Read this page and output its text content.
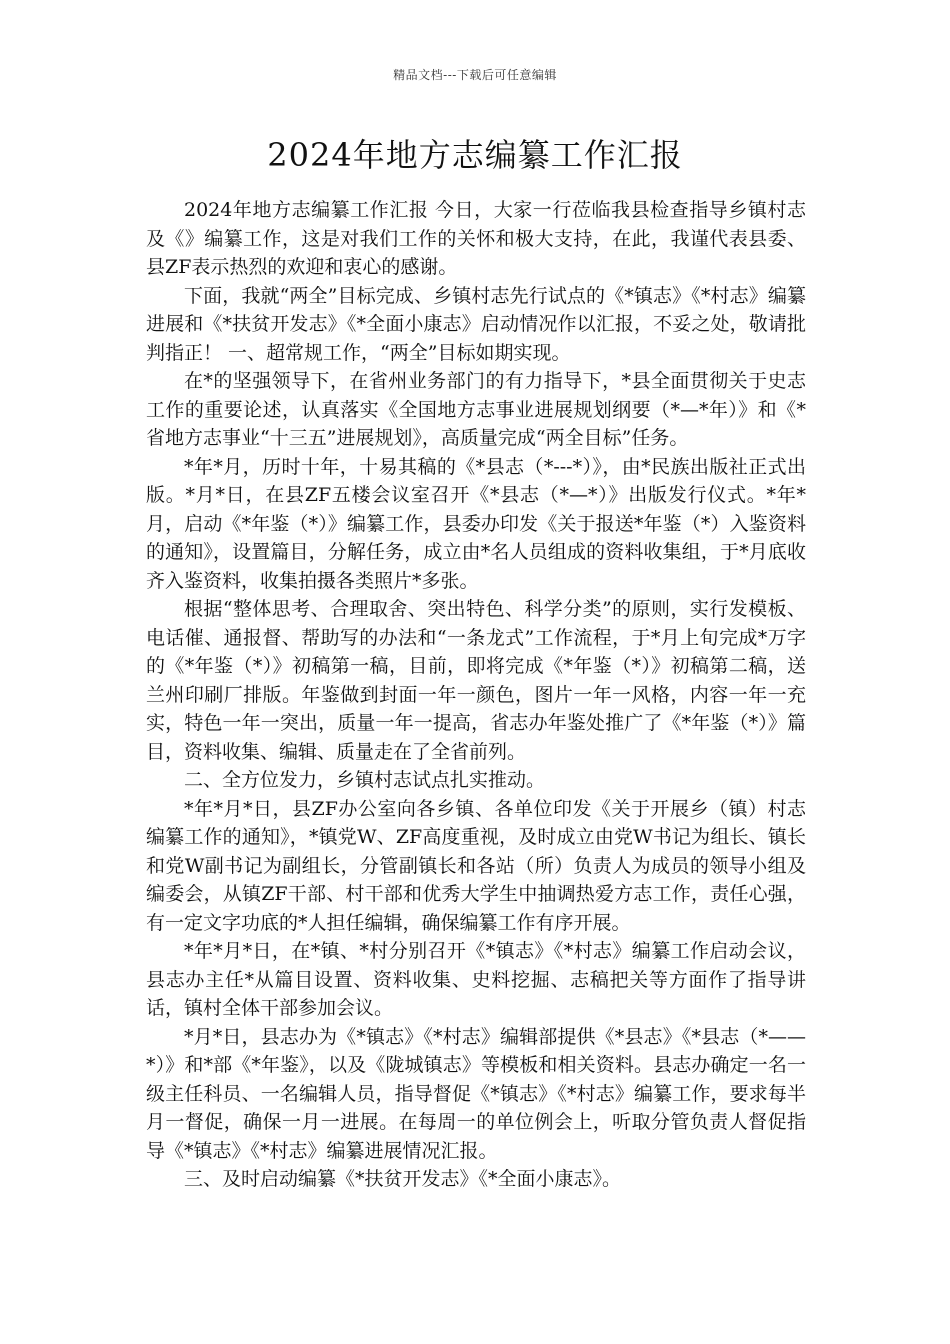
精品文档---下载后可任意编辑
2024年地方志编纂工作汇报

2024年地方志编纂工作汇报 今日，大家一行莅临我县检查指导乡镇村志及《》编纂工作，这是对我们工作的关怀和极大支持，在此，我谨代表县委、县ZF表示热烈的欢迎和衷心的感谢。

下面，我就“两全”目标完成、乡镇村志先行试点的《*镇志》《*村志》编纂进展和《*扶贫开发志》《*全面小康志》启动情况作以汇报，不妥之处，敬请批判指正！ 一、超常规工作，“两全”目标如期实现。

在*的坚强领导下，在省州业务部门的有力指导下，*县全面贯彻关于史志工作的重要论述，认真落实《全国地方志事业进展规划纲要（*—*年）》和《*省地方志事业“十三五”进展规划》，高质量完成“两全目标”任务。

*年*月，历时十年，十易其稿的《*县志（*---*）》，由*民族出版社正式出版。*月*日，在县ZF五楼会议室召开《*县志（*—*）》出版发行仪式。*年*月，启动《*年鉴（*）》编纂工作，县委办印发《关于报送*年鉴（*）入鉴资料的通知》，设置篇目，分解任务，成立由*名人员组成的资料收集组，于*月底收齐入鉴资料，收集拍摄各类照片*多张。

根据“整体思考、合理取舍、突出特色、科学分类”的原则，实行发模板、电话催、通报督、帮助写的办法和“一条龙式”工作流程，于*月上旬完成*万字的《*年鉴（*）》初稿第一稿，目前，即将完成《*年鉴（*）》初稿第二稿，送兰州印刷厂排版。年鉴做到封面一年一颜色，图片一年一风格，内容一年一充实，特色一年一突出，质量一年一提高，省志办年鉴处推广了《*年鉴（*）》篇目，资料收集、编辑、质量走在了全省前列。

二、全方位发力，乡镇村志试点扎实推动。

*年*月*日，县ZF办公室向各乡镇、各单位印发《关于开展乡（镇）村志编纂工作的通知》，*镇党W、ZF高度重视，及时成立由党W书记为组长、镇长和党W副书记为副组长，分管副镇长和各站（所）负责人为成员的领导小组及编委会，从镇ZF干部、村干部和优秀大学生中抽调热爱方志工作，责任心强，有一定文字功底的*人担任编辑，确保编纂工作有序开展。

*年*月*日，在*镇、*村分别召开《*镇志》《*村志》编纂工作启动会议，县志办主任*从篇目设置、资料收集、史料挖掘、志稿把关等方面作了指导讲话，镇村全体干部参加会议。

*月*日，县志办为《*镇志》《*村志》编辑部提供《*县志》《*县志（*——*）》和*部《*年鉴》，以及《陇城镇志》等模板和相关资料。县志办确定一名一级主任科员、一名编辑人员，指导督促《*镇志》《*村志》编纂工作，要求每半月一督促，确保一月一进展。在每周一的单位例会上，听取分管负责人督促指导《*镇志》《*村志》编纂进展情况汇报。

三、及时启动编纂《*扶贫开发志》《*全面小康志》。
